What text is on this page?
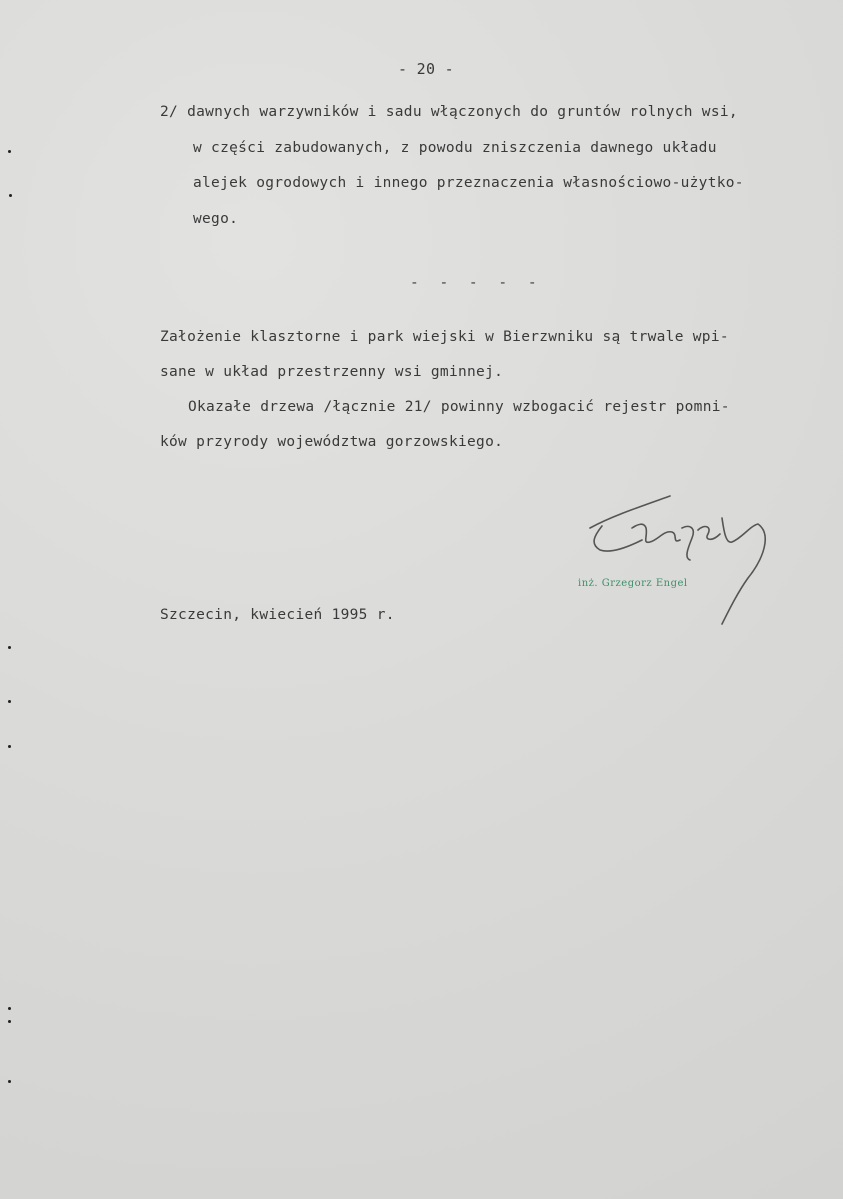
- 20 -
2/ dawnych warzywników i sadu włączonych do gruntów rolnych wsi,
w części zabudowanych, z powodu zniszczenia dawnego układu
alejek ogrodowych i innego przeznaczenia własnościowo-użytko-
wego.
- - - - -
Założenie klasztorne i park wiejski w Bierzwniku są trwale wpi-
sane w układ przestrzenny wsi gminnej.
Okazałe drzewa /łącznie 21/ powinny wzbogacić rejestr pomni-
ków przyrody województwa gorzowskiego.
inż. Grzegorz Engel
Szczecin, kwiecień 1995 r.
